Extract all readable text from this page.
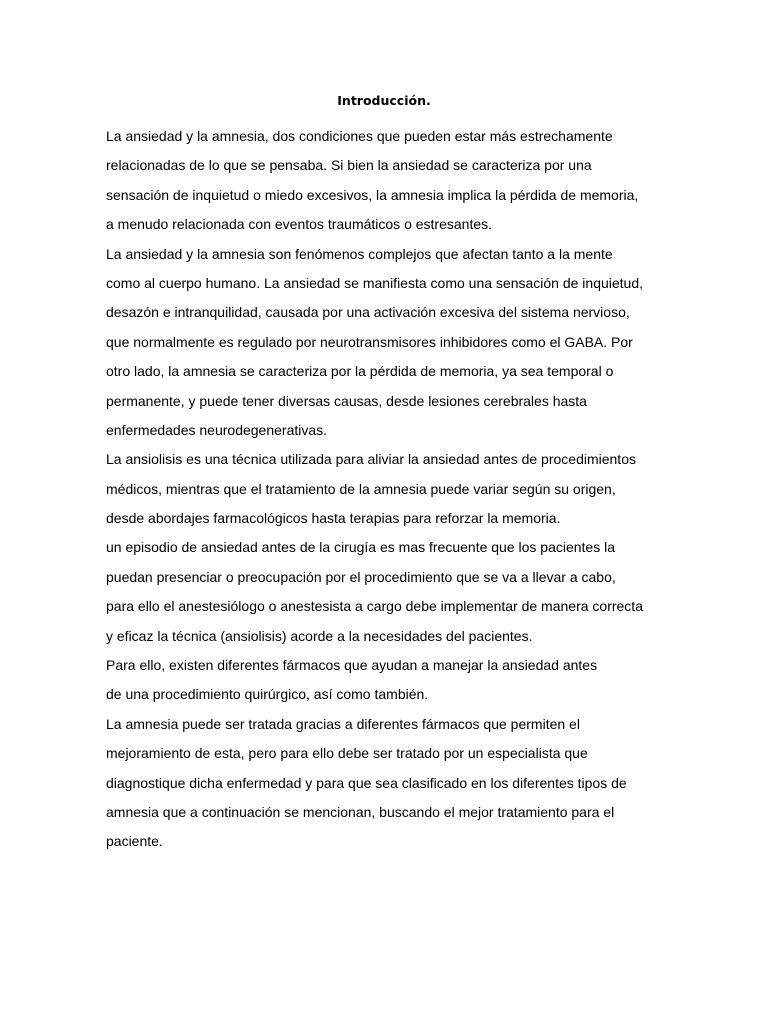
Introducción.
La ansiedad y la amnesia, dos condiciones que pueden estar más estrechamente
relacionadas de lo que se pensaba. Si bien la ansiedad se caracteriza por una
sensación de inquietud o miedo excesivos, la amnesia implica la pérdida de memoria,
a menudo relacionada con eventos traumáticos o estresantes.
La ansiedad y la amnesia son fenómenos complejos que afectan tanto a la mente
como al cuerpo humano. La ansiedad se manifiesta como una sensación de inquietud,
desazón e intranquilidad, causada por una activación excesiva del sistema nervioso,
que normalmente es regulado por neurotransmisores inhibidores como el GABA. Por
otro lado, la amnesia se caracteriza por la pérdida de memoria, ya sea temporal o
permanente, y puede tener diversas causas, desde lesiones cerebrales hasta
enfermedades neurodegenerativas.
La ansiolisis es una técnica utilizada para aliviar la ansiedad antes de procedimientos
médicos, mientras que el tratamiento de la amnesia puede variar según su origen,
desde abordajes farmacológicos hasta terapias para reforzar la memoria.
un episodio de ansiedad antes de la cirugía es mas frecuente que los pacientes la
puedan presenciar o preocupación por el procedimiento que se va a llevar a cabo,
para ello el anestesiólogo o anestesista a cargo debe implementar de manera correcta
y eficaz la técnica (ansiolisis) acorde a la necesidades del pacientes.
Para ello, existen diferentes fármacos que ayudan a manejar la ansiedad antes
de una procedimiento quirúrgico, así como también.
La amnesia puede ser tratada gracias a diferentes fármacos que permiten el
mejoramiento de esta, pero para ello debe ser tratado por un especialista que
diagnostique dicha enfermedad y para que sea clasificado en los diferentes tipos de
amnesia que a continuación se mencionan, buscando el mejor tratamiento para el
paciente.
